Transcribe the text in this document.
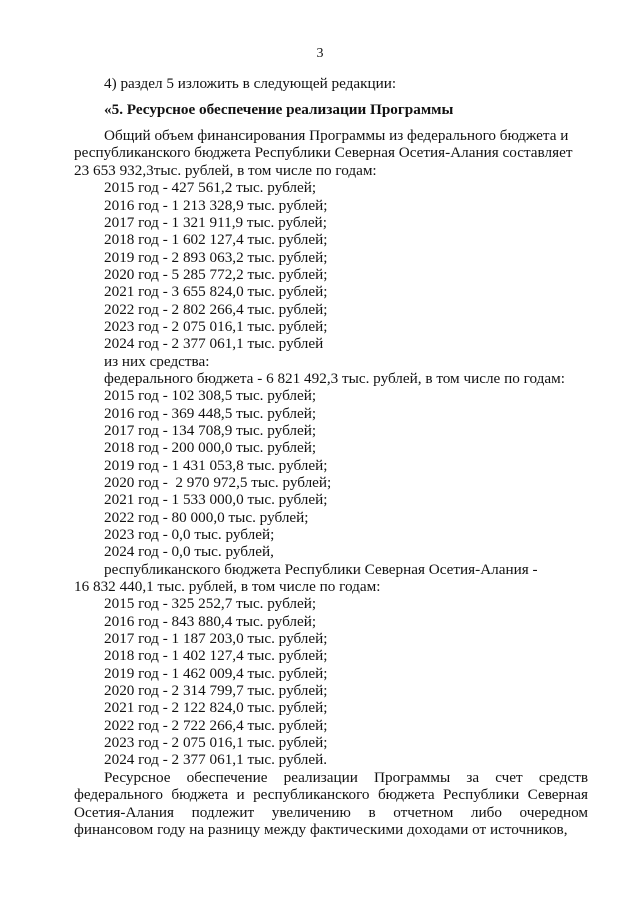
3
4) раздел 5 изложить в следующей редакции:
«5. Ресурсное обеспечение реализации Программы
Общий объем финансирования Программы из федерального бюджета и
республиканского бюджета Республики Северная Осетия-Алания составляет
23 653 932,3тыс. рублей, в том числе по годам:
2015 год - 427 561,2 тыс. рублей;
2016 год - 1 213 328,9 тыс. рублей;
2017 год - 1 321 911,9 тыс. рублей;
2018 год - 1 602 127,4 тыс. рублей;
2019 год - 2 893 063,2 тыс. рублей;
2020 год - 5 285 772,2 тыс. рублей;
2021 год - 3 655 824,0 тыс. рублей;
2022 год - 2 802 266,4 тыс. рублей;
2023 год - 2 075 016,1 тыс. рублей;
2024 год - 2 377 061,1 тыс. рублей
из них средства:
федерального бюджета - 6 821 492,3 тыс. рублей, в том числе по годам:
2015 год - 102 308,5 тыс. рублей;
2016 год - 369 448,5 тыс. рублей;
2017 год - 134 708,9 тыс. рублей;
2018 год - 200 000,0 тыс. рублей;
2019 год - 1 431 053,8 тыс. рублей;
2020 год -  2 970 972,5 тыс. рублей;
2021 год - 1 533 000,0 тыс. рублей;
2022 год - 80 000,0 тыс. рублей;
2023 год - 0,0 тыс. рублей;
2024 год - 0,0 тыс. рублей,
республиканского бюджета Республики Северная Осетия-Алания -
16 832 440,1 тыс. рублей, в том числе по годам:
2015 год - 325 252,7 тыс. рублей;
2016 год - 843 880,4 тыс. рублей;
2017 год - 1 187 203,0 тыс. рублей;
2018 год - 1 402 127,4 тыс. рублей;
2019 год - 1 462 009,4 тыс. рублей;
2020 год - 2 314 799,7 тыс. рублей;
2021 год - 2 122 824,0 тыс. рублей;
2022 год - 2 722 266,4 тыс. рублей;
2023 год - 2 075 016,1 тыс. рублей;
2024 год - 2 377 061,1 тыс. рублей.

Ресурсное обеспечение реализации Программы за счет средств федерального бюджета и республиканского бюджета Республики Северная Осетия-Алания подлежит увеличению в отчетном либо очередном финансовом году на разницу между фактическими доходами от источников,
